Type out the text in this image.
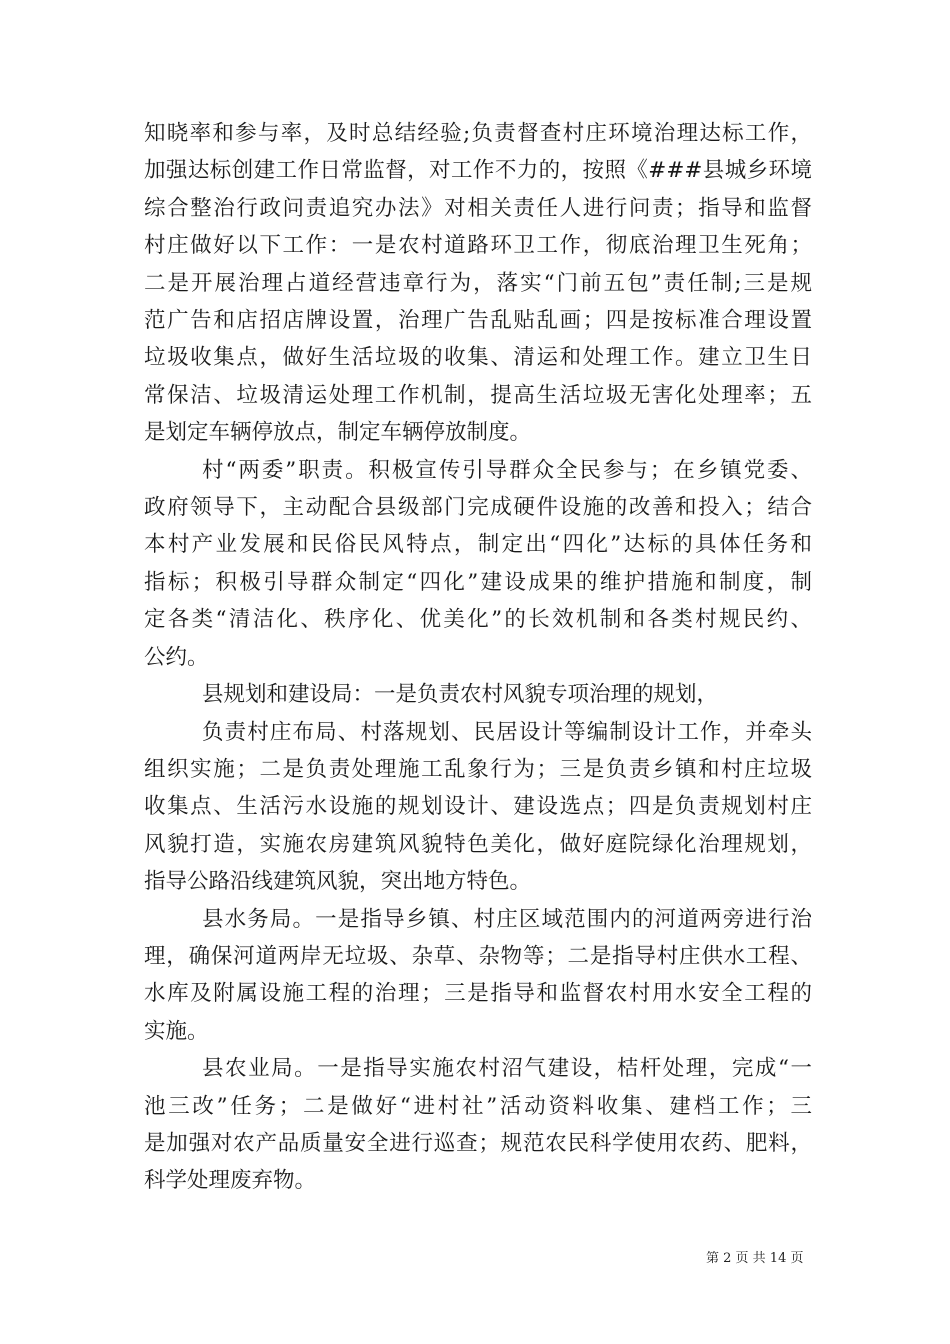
知晓率和参与率，及时总结经验;负责督查村庄环境治理达标工作，
加强达标创建工作日常监督，对工作不力的，按照《###县城乡环境
综合整治行政问责追究办法》对相关责任人进行问责；指导和监督
村庄做好以下工作：一是农村道路环卫工作，彻底治理卫生死角；
二是开展治理占道经营违章行为，落实“门前五包”责任制;三是规
范广告和店招店牌设置，治理广告乱贴乱画；四是按标准合理设置
垃圾收集点，做好生活垃圾的收集、清运和处理工作。建立卫生日
常保洁、垃圾清运处理工作机制，提高生活垃圾无害化处理率；五
是划定车辆停放点，制定车辆停放制度。
村“两委”职责。积极宣传引导群众全民参与；在乡镇党委、
政府领导下，主动配合县级部门完成硬件设施的改善和投入；结合
本村产业发展和民俗民风特点，制定出“四化”达标的具体任务和
指标；积极引导群众制定“四化”建设成果的维护措施和制度，制
定各类“清洁化、秩序化、优美化”的长效机制和各类村规民约、
公约。
县规划和建设局：一是负责农村风貌专项治理的规划，
负责村庄布局、村落规划、民居设计等编制设计工作，并牵头
组织实施；二是负责处理施工乱象行为；三是负责乡镇和村庄垃圾
收集点、生活污水设施的规划设计、建设选点；四是负责规划村庄
风貌打造，实施农房建筑风貌特色美化，做好庭院绿化治理规划，
指导公路沿线建筑风貌，突出地方特色。
县水务局。一是指导乡镇、村庄区域范围内的河道两旁进行治
理，确保河道两岸无垃圾、杂草、杂物等；二是指导村庄供水工程、
水库及附属设施工程的治理；三是指导和监督农村用水安全工程的
实施。
县农业局。一是指导实施农村沼气建设，桔杆处理，完成“一
池三改”任务；二是做好“进村社”活动资料收集、建档工作；三
是加强对农产品质量安全进行巡查；规范农民科学使用农药、肥料，
科学处理废弃物。
第 2 页 共 14 页
